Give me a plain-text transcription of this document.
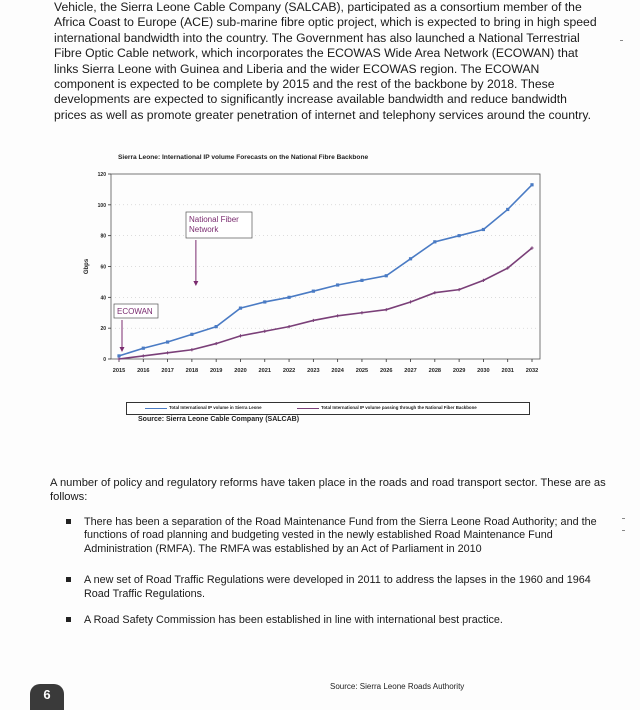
Vehicle, the Sierra Leone Cable Company (SALCAB), participated as a consortium member of the Africa Coast to Europe (ACE) sub-marine fibre optic project, which is expected to bring in high speed international bandwidth into the country. The Government has also launched a National Terrestrial Fibre Optic Cable network, which incorporates the ECOWAS Wide Area Network (ECOWAN) that links Sierra Leone with Guinea and Liberia and the wider ECOWAS region. The ECOWAN component is expected to be complete by 2015 and the rest of the backbone by 2018. These developments are expected to significantly increase available bandwidth and reduce bandwidth prices as well as promote greater penetration of internet and telephony services around the country.

Sierra Leone: International IP volume Forecasts on the National Fibre Backbone
0
20
40
60
80
100
120
Gbps
2015 2016 2017 2018 2019 2020 2021 2022 2023 2024 2025 2026 2027 2028 2029 2030 2031 2032
ECOWAN
National Fiber
Network
Total International IP volume in Sierra Leone	Total International IP volume passing through the National Fiber Backbone
Source: Sierra Leone Cable Company (SALCAB)

A number of policy and regulatory reforms have taken place in the roads and road transport sector. These are as follows:

There has been a separation of the Road Maintenance Fund from the Sierra Leone Road Authority; and the functions of road planning and budgeting vested in the newly established Road Maintenance Fund Administration (RMFA). The RMFA was established by an Act of Parliament in 2010
A new set of Road Traffic Regulations were developed in 2011 to address the lapses in the 1960 and 1964 Road Traffic Regulations.
A Road Safety Commission has been established in line with international best practice.
Source: Sierra Leone Roads Authority
6
